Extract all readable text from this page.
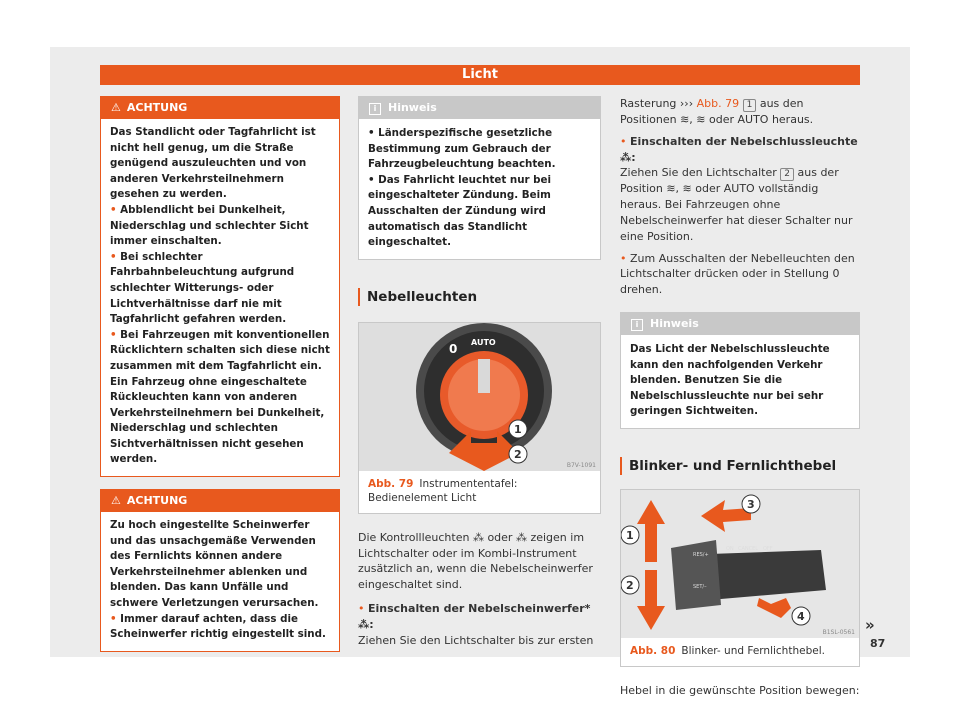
Licht
⚠ ACHTUNG
Das Standlicht oder Tagfahrlicht ist nicht hell genug, um die Straße genügend auszuleuchten und von anderen Verkehrsteilnehmern gesehen zu werden.
• Abblendlicht bei Dunkelheit, Niederschlag und schlechter Sicht immer einschalten.
• Bei schlechter Fahrbahnbeleuchtung aufgrund schlechter Witterungs- oder Lichtverhältnisse darf nie mit Tagfahrlicht gefahren werden.
• Bei Fahrzeugen mit konventionellen Rücklichtern schalten sich diese nicht zusammen mit dem Tagfahrlicht ein. Ein Fahrzeug ohne eingeschaltete Rückleuchten kann von anderen Verkehrsteilnehmern bei Dunkelheit, Niederschlag und schlechten Sichtverhältnissen nicht gesehen werden.
⚠ ACHTUNG
Zu hoch eingestellte Scheinwerfer und das unsachgemäße Verwenden des Fernlichts können andere Verkehrsteilnehmer ablenken und blenden. Das kann Unfälle und schwere Verletzungen verursachen.
• Immer darauf achten, dass die Scheinwerfer richtig eingestellt sind.
i Hinweis
• Länderspezifische gesetzliche Bestimmung zum Gebrauch der Fahrzeugbeleuchtung beachten.
• Das Fahrlicht leuchtet nur bei eingeschalteter Zündung. Beim Ausschalten der Zündung wird automatisch das Standlicht eingeschaltet.
Nebelleuchten
0 AUTO
1
2
B7V-1091
Abb. 79 Instrumententafel: Bedienelement Licht
Die Kontrollleuchten ⁂ oder ⁂ zeigen im Lichtschalter oder im Kombi-Instrument zusätzlich an, wenn die Nebelscheinwerfer eingeschaltet sind.
• Einschalten der Nebelscheinwerfer* ⁂:
Ziehen Sie den Lichtschalter bis zur ersten
Rasterung ››› Abb. 79 1 aus den Positionen ≋, ≋ oder AUTO heraus.
• Einschalten der Nebelschlussleuchte ⁂:
Ziehen Sie den Lichtschalter 2 aus der Position ≋, ≋ oder AUTO vollständig heraus. Bei Fahrzeugen ohne Nebelscheinwerfer hat dieser Schalter nur eine Position.
• Zum Ausschalten der Nebelleuchten den Lichtschalter drücken oder in Stellung 0 drehen.
i Hinweis
Das Licht der Nebelschlussleuchte kann den nachfolgenden Verkehr blenden. Benutzen Sie die Nebelschlussleuchte nur bei sehr geringen Sichtweiten.
Blinker- und Fernlichthebel
ON CANCEL OFF
RES/+
SET/–
1
2
3
4
B1SL-0561
Abb. 80 Blinker- und Fernlichthebel.
Hebel in die gewünschte Position bewegen:
»
87
